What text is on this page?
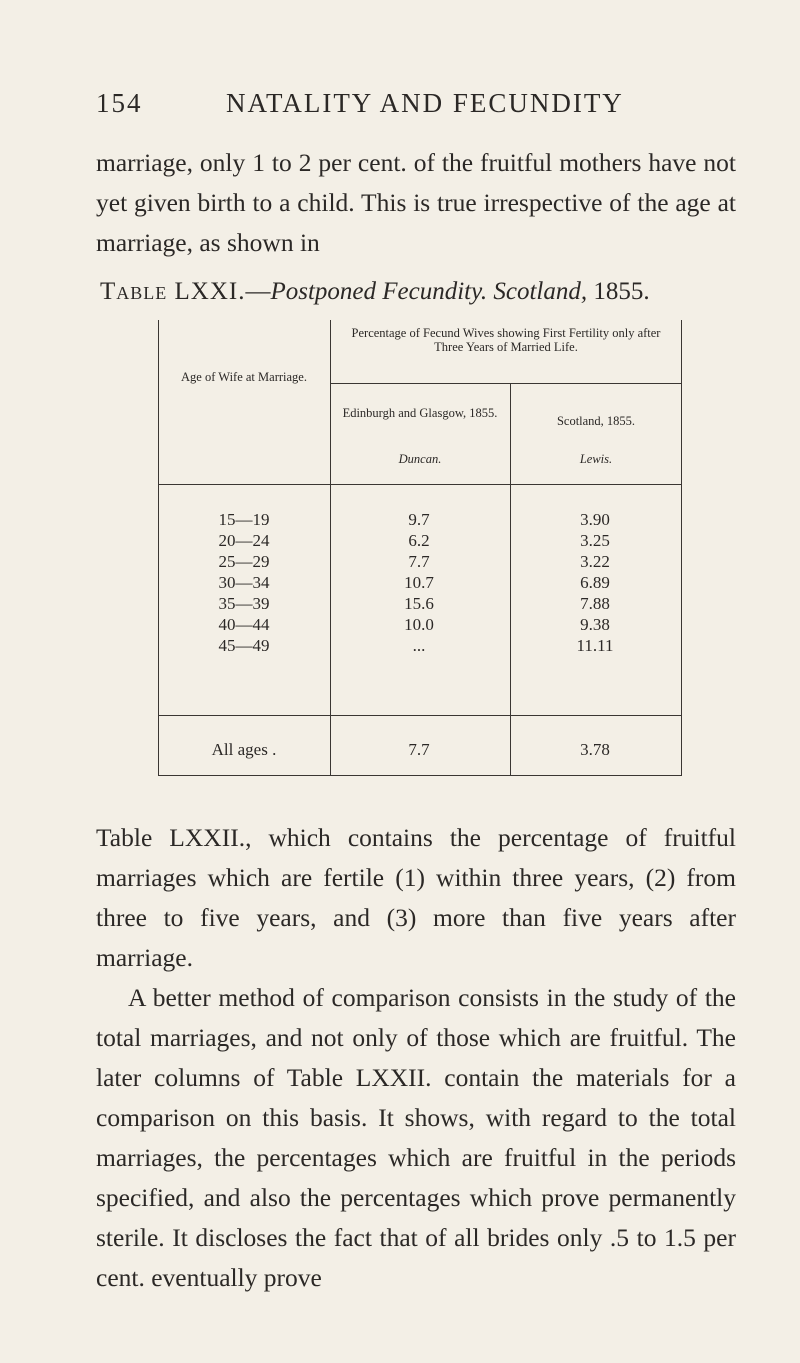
154	NATALITY AND FECUNDITY

marriage, only 1 to 2 per cent. of the fruitful mothers have not yet given birth to a child. This is true irrespective of the age at marriage, as shown in

Table LXXI.—Postponed Fecundity. Scotland, 1855.
Age of Wife at Marriage.
Percentage of Fecund Wives showing First Fertility only after Three Years of Married Life.
Edinburgh and Glasgow, 1855.
Duncan.
Scotland, 1855.
Lewis.
15—19	9.7	3.90
20—24	6.2	3.25
25—29	7.7	3.22
30—34	10.7	6.89
35—39	15.6	7.88
40—44	10.0	9.38
45—49	...	11.11
All ages .	7.7	3.78

Table LXXII., which contains the percentage of fruitful marriages which are fertile (1) within three years, (2) from three to five years, and (3) more than five years after marriage.

A better method of comparison consists in the study of the total marriages, and not only of those which are fruitful. The later columns of Table LXXII. contain the materials for a comparison on this basis. It shows, with regard to the total marriages, the percentages which are fruitful in the periods specified, and also the percentages which prove permanently sterile. It discloses the fact that of all brides only .5 to 1.5 per cent. eventually prove
